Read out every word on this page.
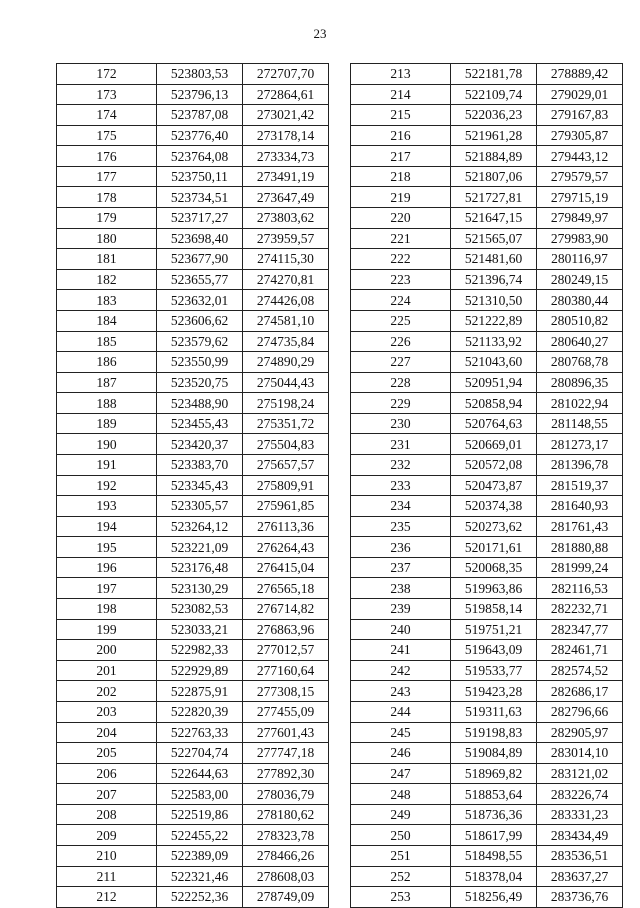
23
172	523803,53	272707,70
173	523796,13	272864,61
174	523787,08	273021,42
175	523776,40	273178,14
176	523764,08	273334,73
177	523750,11	273491,19
178	523734,51	273647,49
179	523717,27	273803,62
180	523698,40	273959,57
181	523677,90	274115,30
182	523655,77	274270,81
183	523632,01	274426,08
184	523606,62	274581,10
185	523579,62	274735,84
186	523550,99	274890,29
187	523520,75	275044,43
188	523488,90	275198,24
189	523455,43	275351,72
190	523420,37	275504,83
191	523383,70	275657,57
192	523345,43	275809,91
193	523305,57	275961,85
194	523264,12	276113,36
195	523221,09	276264,43
196	523176,48	276415,04
197	523130,29	276565,18
198	523082,53	276714,82
199	523033,21	276863,96
200	522982,33	277012,57
201	522929,89	277160,64
202	522875,91	277308,15
203	522820,39	277455,09
204	522763,33	277601,43
205	522704,74	277747,18
206	522644,63	277892,30
207	522583,00	278036,79
208	522519,86	278180,62
209	522455,22	278323,78
210	522389,09	278466,26
211	522321,46	278608,03
212	522252,36	278749,09
213	522181,78	278889,42
214	522109,74	279029,01
215	522036,23	279167,83
216	521961,28	279305,87
217	521884,89	279443,12
218	521807,06	279579,57
219	521727,81	279715,19
220	521647,15	279849,97
221	521565,07	279983,90
222	521481,60	280116,97
223	521396,74	280249,15
224	521310,50	280380,44
225	521222,89	280510,82
226	521133,92	280640,27
227	521043,60	280768,78
228	520951,94	280896,35
229	520858,94	281022,94
230	520764,63	281148,55
231	520669,01	281273,17
232	520572,08	281396,78
233	520473,87	281519,37
234	520374,38	281640,93
235	520273,62	281761,43
236	520171,61	281880,88
237	520068,35	281999,24
238	519963,86	282116,53
239	519858,14	282232,71
240	519751,21	282347,77
241	519643,09	282461,71
242	519533,77	282574,52
243	519423,28	282686,17
244	519311,63	282796,66
245	519198,83	282905,97
246	519084,89	283014,10
247	518969,82	283121,02
248	518853,64	283226,74
249	518736,36	283331,23
250	518617,99	283434,49
251	518498,55	283536,51
252	518378,04	283637,27
253	518256,49	283736,76
